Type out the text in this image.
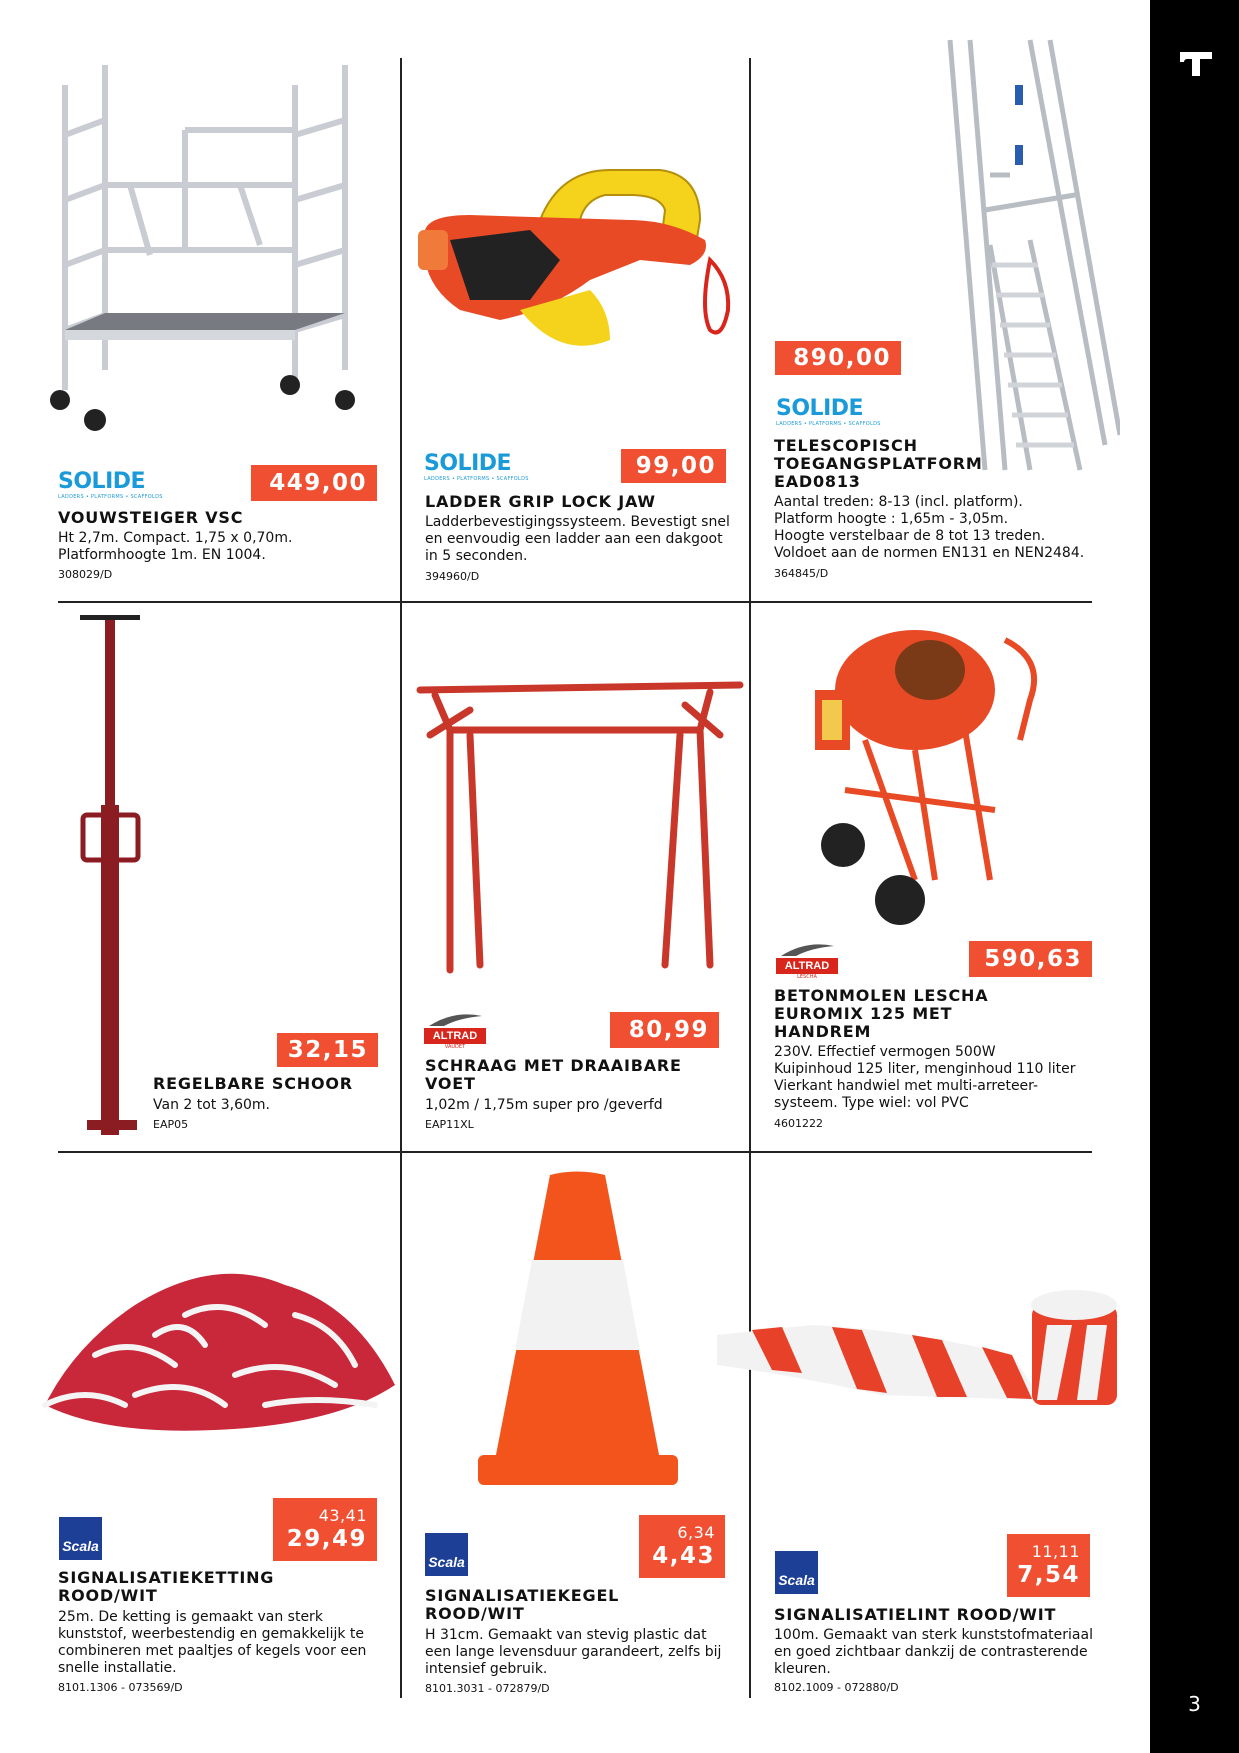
3
SOLIDE
LADDERS • PLATFORMS • SCAFFOLDS
449,00
VOUWSTEIGER VSC
Ht 2,7m. Compact. 1,75 x 0,70m.
Platformhoogte 1m. EN 1004.
308029/D
SOLIDE
LADDERS • PLATFORMS • SCAFFOLDS	99,00
LADDER GRIP LOCK JAW
Ladderbevestigingssysteem. Bevestigt snel
en eenvoudig een ladder aan een dakgoot
in 5 seconden.
394960/D
890,00
SOLIDE
LADDERS • PLATFORMS • SCAFFOLDS
TELESCOPISCH
TOEGANGSPLATFORM
EAD0813
Aantal treden: 8-13 (incl. platform).
Platform hoogte : 1,65m - 3,05m.
Hoogte verstelbaar de 8 tot 13 treden.
Voldoet aan de normen EN131 en NEN2484.
364845/D
32,15
REGELBARE SCHOOR
Van 2 tot 3,60m.
EAP05
ALTRAD
VAUDET
80,99
SCHRAAG MET DRAAIBARE
VOET
1,02m / 1,75m super pro /geverfd
EAP11XL
ALTRAD
LESCHA
590,63
BETONMOLEN LESCHA
EUROMIX 125 MET
HANDREM
230V. Effectief vermogen 500W
Kuipinhoud 125 liter, menginhoud 110 liter
Vierkant handwiel met multi-arreteer-
systeem. Type wiel: vol PVC
4601222
43,41
29,49
Scala
SIGNALISATIEKETTING
ROOD/WIT
25m. De ketting is gemaakt van sterk
kunststof, weerbestendig en gemakkelijk te
combineren met paaltjes of kegels voor een
snelle installatie.
8101.1306 - 073569/D
6,34
4,43
Scala
SIGNALISATIEKEGEL
ROOD/WIT
H 31cm. Gemaakt van stevig plastic dat
een lange levensduur garandeert, zelfs bij
intensief gebruik.
8101.3031 - 072879/D
11,11
7,54
Scala
SIGNALISATIELINT ROOD/WIT
100m. Gemaakt van sterk kunststofmateriaal
en goed zichtbaar dankzij de contrasterende
kleuren.
8102.1009 - 072880/D
